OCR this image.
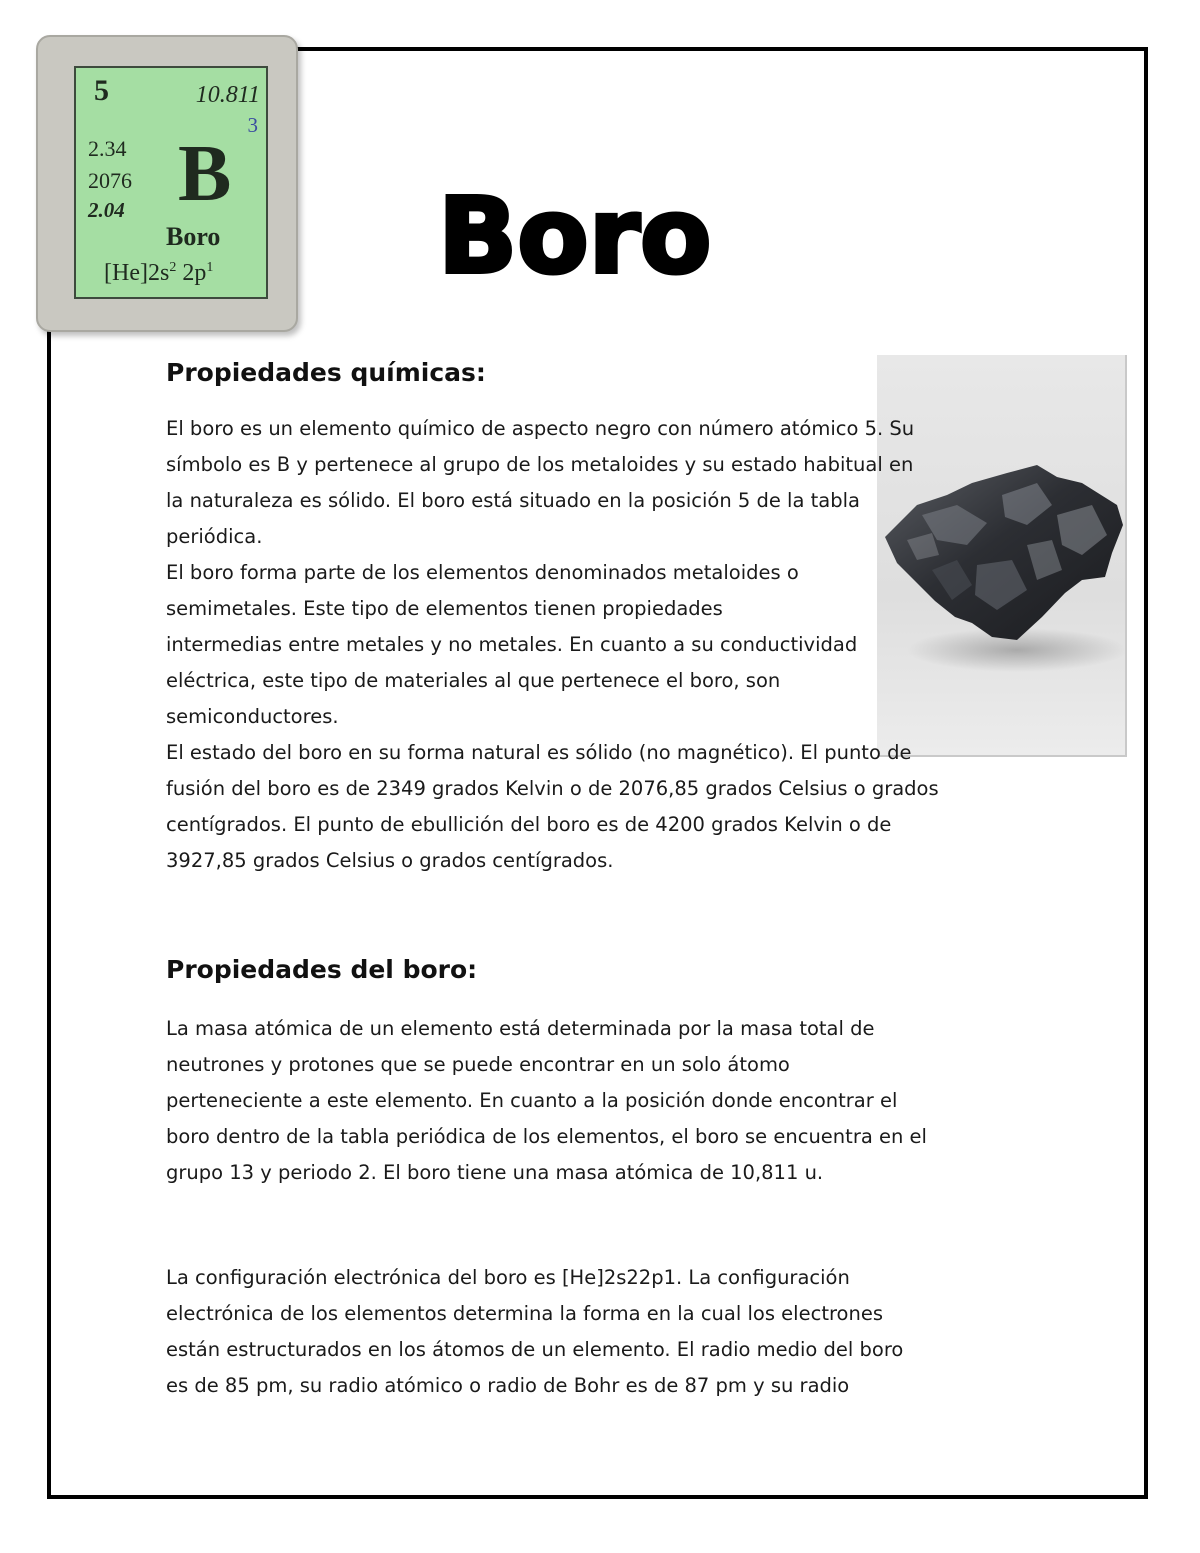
5	10.811
3
2.34
2076
2.04 B
Boro
$[He]2s^2$ $2p^1$ Boro
Propiedades químicas:
El boro es un elemento químico de aspecto negro con número atómico 5. Su
símbolo es B y pertenece al grupo de los metaloides y su estado habitual en
la naturaleza es sólido. El boro está situado en la posición 5 de la tabla
periódica.
El boro forma parte de los elementos denominados metaloides o
semimetales. Este tipo de elementos tienen propiedades
intermedias entre metales y no metales. En cuanto a su conductividad
eléctrica, este tipo de materiales al que pertenece el boro, son
semiconductores.
El estado del boro en su forma natural es sólido (no magnético). El punto de
fusión del boro es de 2349 grados Kelvin o de 2076,85 grados Celsius o grados
centígrados. El punto de ebullición del boro es de 4200 grados Kelvin o de
3927,85 grados Celsius o grados centígrados.
Propiedades del boro:
La masa atómica de un elemento está determinada por la masa total de
neutrones y protones que se puede encontrar en un solo átomo
perteneciente a este elemento. En cuanto a la posición donde encontrar el
boro dentro de la tabla periódica de los elementos, el boro se encuentra en el
grupo 13 y periodo 2. El boro tiene una masa atómica de 10,811 u.
La configuración electrónica del boro es [He]2s22p1. La configuración
electrónica de los elementos determina la forma en la cual los electrones
están estructurados en los átomos de un elemento. El radio medio del boro
es de 85 pm, su radio atómico o radio de Bohr es de 87 pm y su radio
